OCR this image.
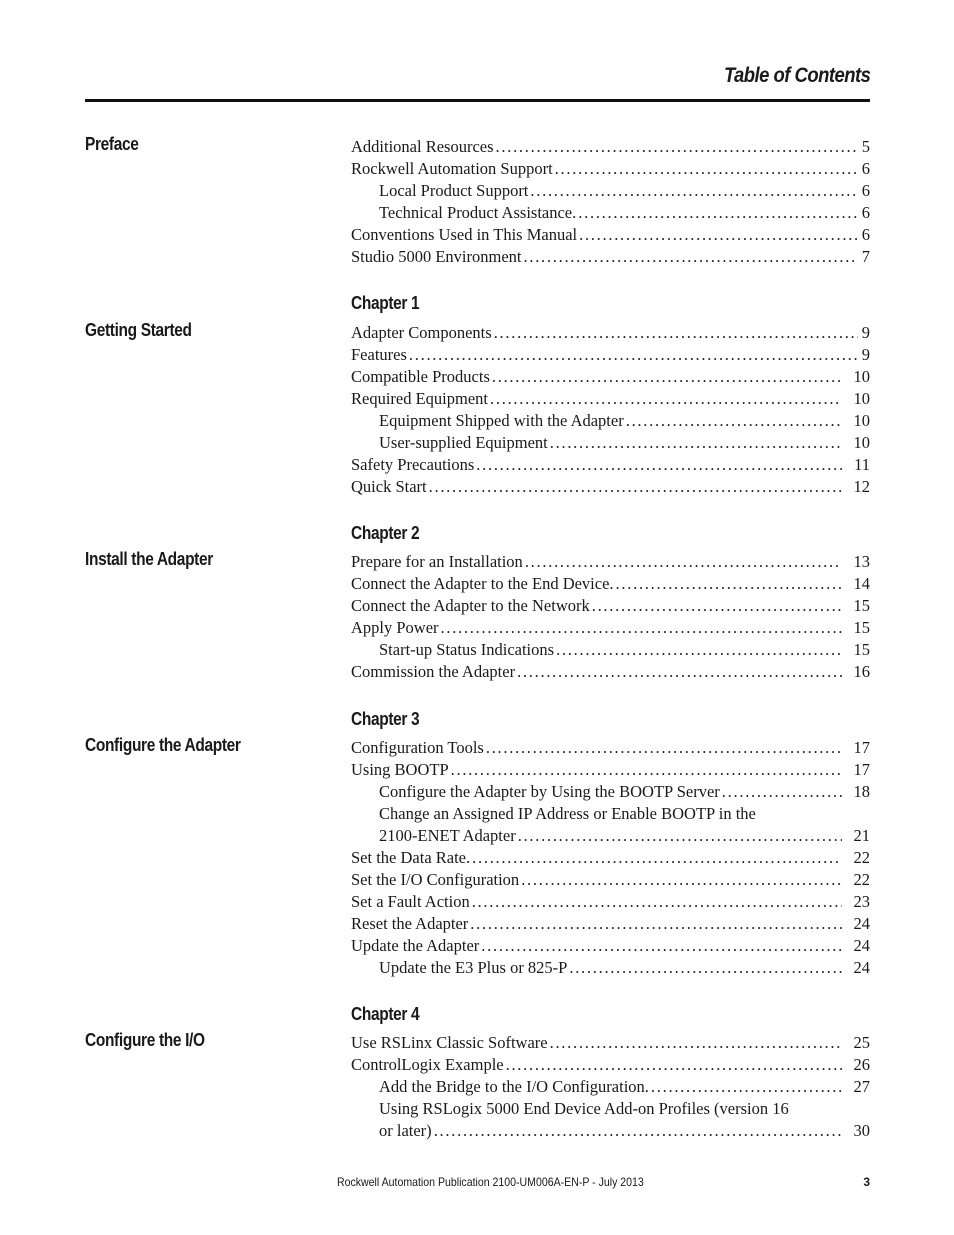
Table of Contents
Preface	Additional Resources . . .	5
Rockwell Automation Support . . .	6
Local Product Support . . .	6
Technical Product Assistance. . . .	6
Conventions Used in This Manual . . .	6
Studio 5000 Environment . . .	7
Chapter 1
Getting Started	Adapter Components . . .	9
Features . . .	9
Compatible Products . . .	10
Required Equipment . . .	10
Equipment Shipped with the Adapter . . .	10
User-supplied Equipment . . .	10
Safety Precautions . . .	11
Quick Start . . .	12
Chapter 2
Install the Adapter	Prepare for an Installation . . .	13
Connect the Adapter to the End Device. . . .	14
Connect the Adapter to the Network . . .	15
Apply Power . . .	15
Start-up Status Indications . . .	15
Commission the Adapter . . .	16
Chapter 3
Configure the Adapter	Configuration Tools . . .	17
Using BOOTP . . .	17
Configure the Adapter by Using the BOOTP Server . . .	18
Change an Assigned IP Address or Enable BOOTP in the
2100-ENET Adapter . . .	21
Set the Data Rate. . . .	22
Set the I/O Configuration . . .	22
Set a Fault Action . . .	23
Reset the Adapter . . .	24
Update the Adapter . . .	24
Update the E3 Plus or 825-P . . .	24
Chapter 4
Configure the I/O	Use RSLinx Classic Software . . .	25
ControlLogix Example . . .	26
Add the Bridge to the I/O Configuration. . . .	27
Using RSLogix 5000 End Device Add-on Profiles (version 16
or later) . . .	30
Rockwell Automation Publication 2100-UM006A-EN-P - July 2013	3
